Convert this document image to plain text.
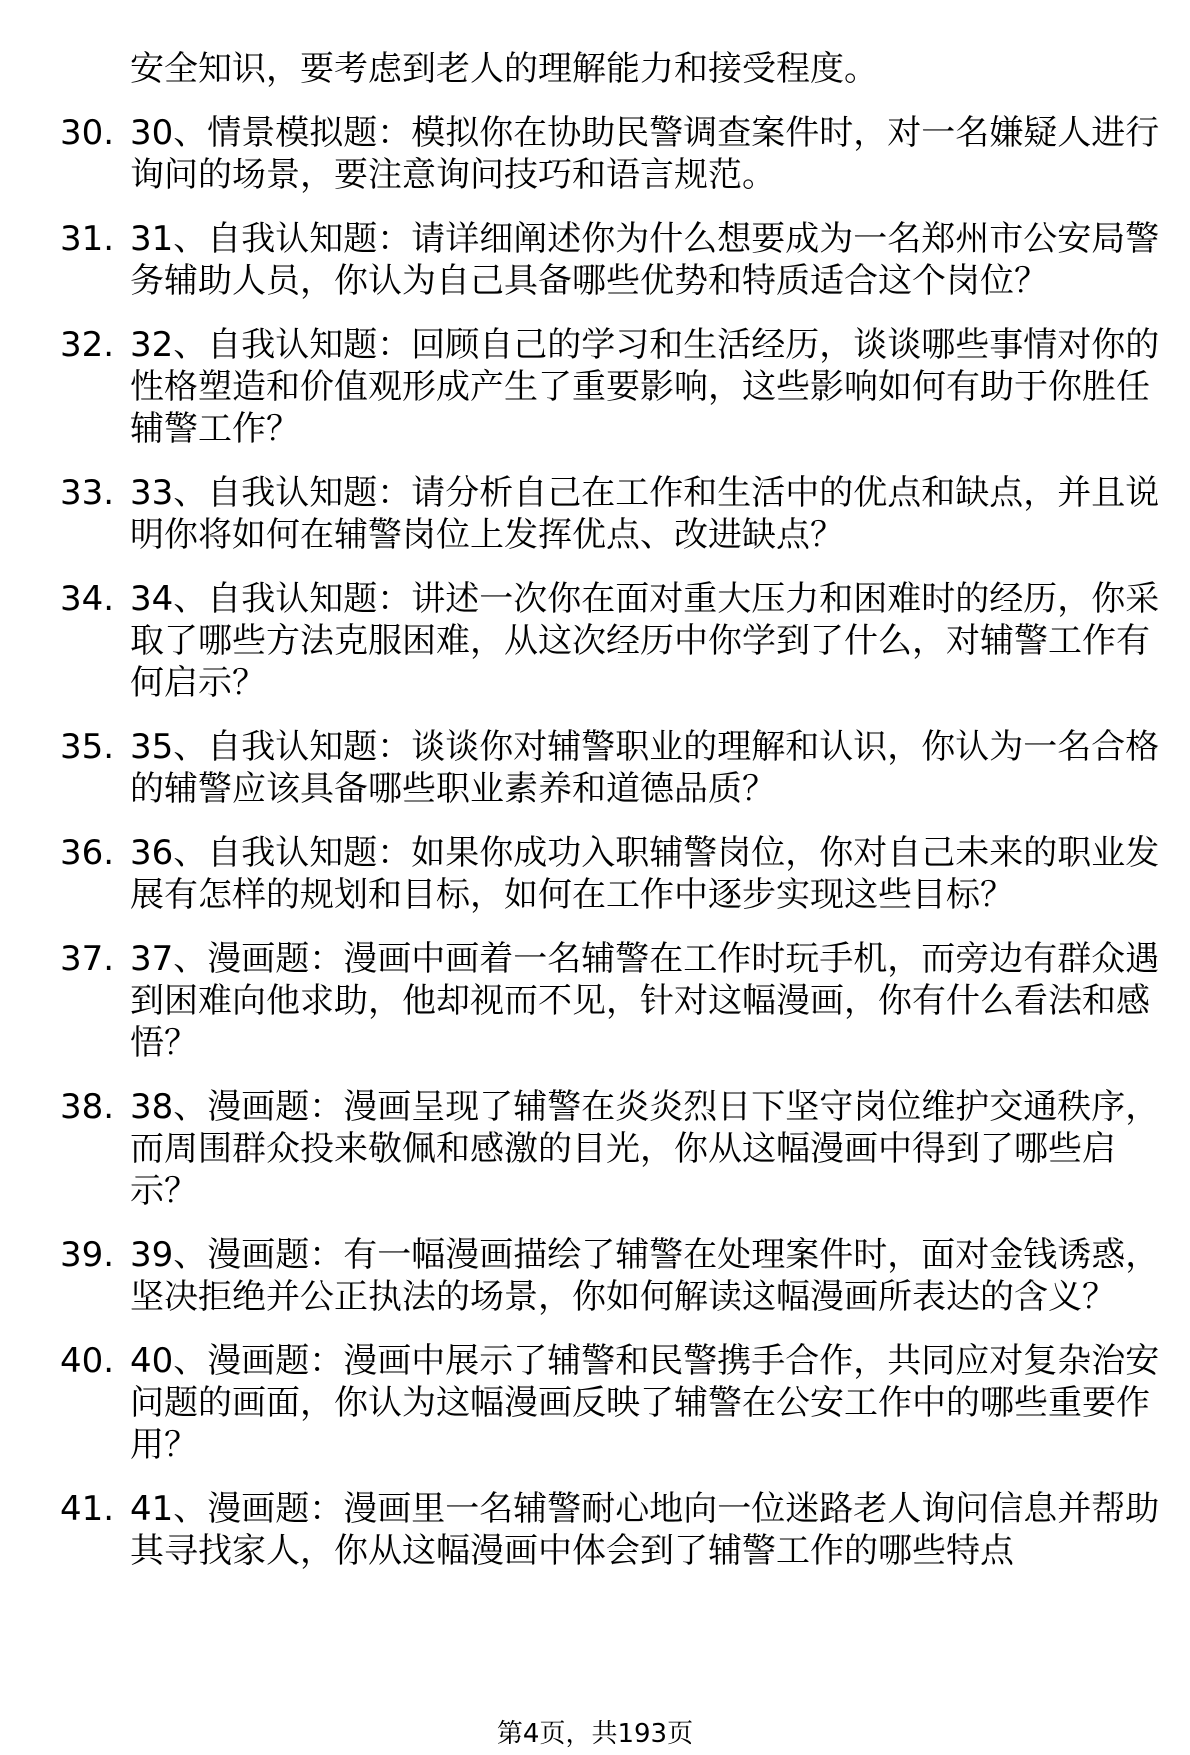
安全知识，要考虑到老人的理解能力和接受程度。
30. 30、情景模拟题：模拟你在协助民警调查案件时，对一名嫌疑人进行询问的场景，要注意询问技巧和语言规范。
31. 31、自我认知题：请详细阐述你为什么想要成为一名郑州市公安局警务辅助人员，你认为自己具备哪些优势和特质适合这个岗位？
32. 32、自我认知题：回顾自己的学习和生活经历，谈谈哪些事情对你的性格塑造和价值观形成产生了重要影响，这些影响如何有助于你胜任辅警工作？
33. 33、自我认知题：请分析自己在工作和生活中的优点和缺点，并且说明你将如何在辅警岗位上发挥优点、改进缺点？
34. 34、自我认知题：讲述一次你在面对重大压力和困难时的经历，你采取了哪些方法克服困难，从这次经历中你学到了什么，对辅警工作有何启示？
35. 35、自我认知题：谈谈你对辅警职业的理解和认识，你认为一名合格的辅警应该具备哪些职业素养和道德品质？
36. 36、自我认知题：如果你成功入职辅警岗位，你对自己未来的职业发展有怎样的规划和目标，如何在工作中逐步实现这些目标？
37. 37、漫画题：漫画中画着一名辅警在工作时玩手机，而旁边有群众遇到困难向他求助，他却视而不见，针对这幅漫画，你有什么看法和感悟？
38. 38、漫画题：漫画呈现了辅警在炎炎烈日下坚守岗位维护交通秩序，而周围群众投来敬佩和感激的目光，你从这幅漫画中得到了哪些启示？
39. 39、漫画题：有一幅漫画描绘了辅警在处理案件时，面对金钱诱惑，坚决拒绝并公正执法的场景，你如何解读这幅漫画所表达的含义？
40. 40、漫画题：漫画中展示了辅警和民警携手合作，共同应对复杂治安问题的画面，你认为这幅漫画反映了辅警在公安工作中的哪些重要作用？
41. 41、漫画题：漫画里一名辅警耐心地向一位迷路老人询问信息并帮助其寻找家人，你从这幅漫画中体会到了辅警工作的哪些特点
第4页，共193页
